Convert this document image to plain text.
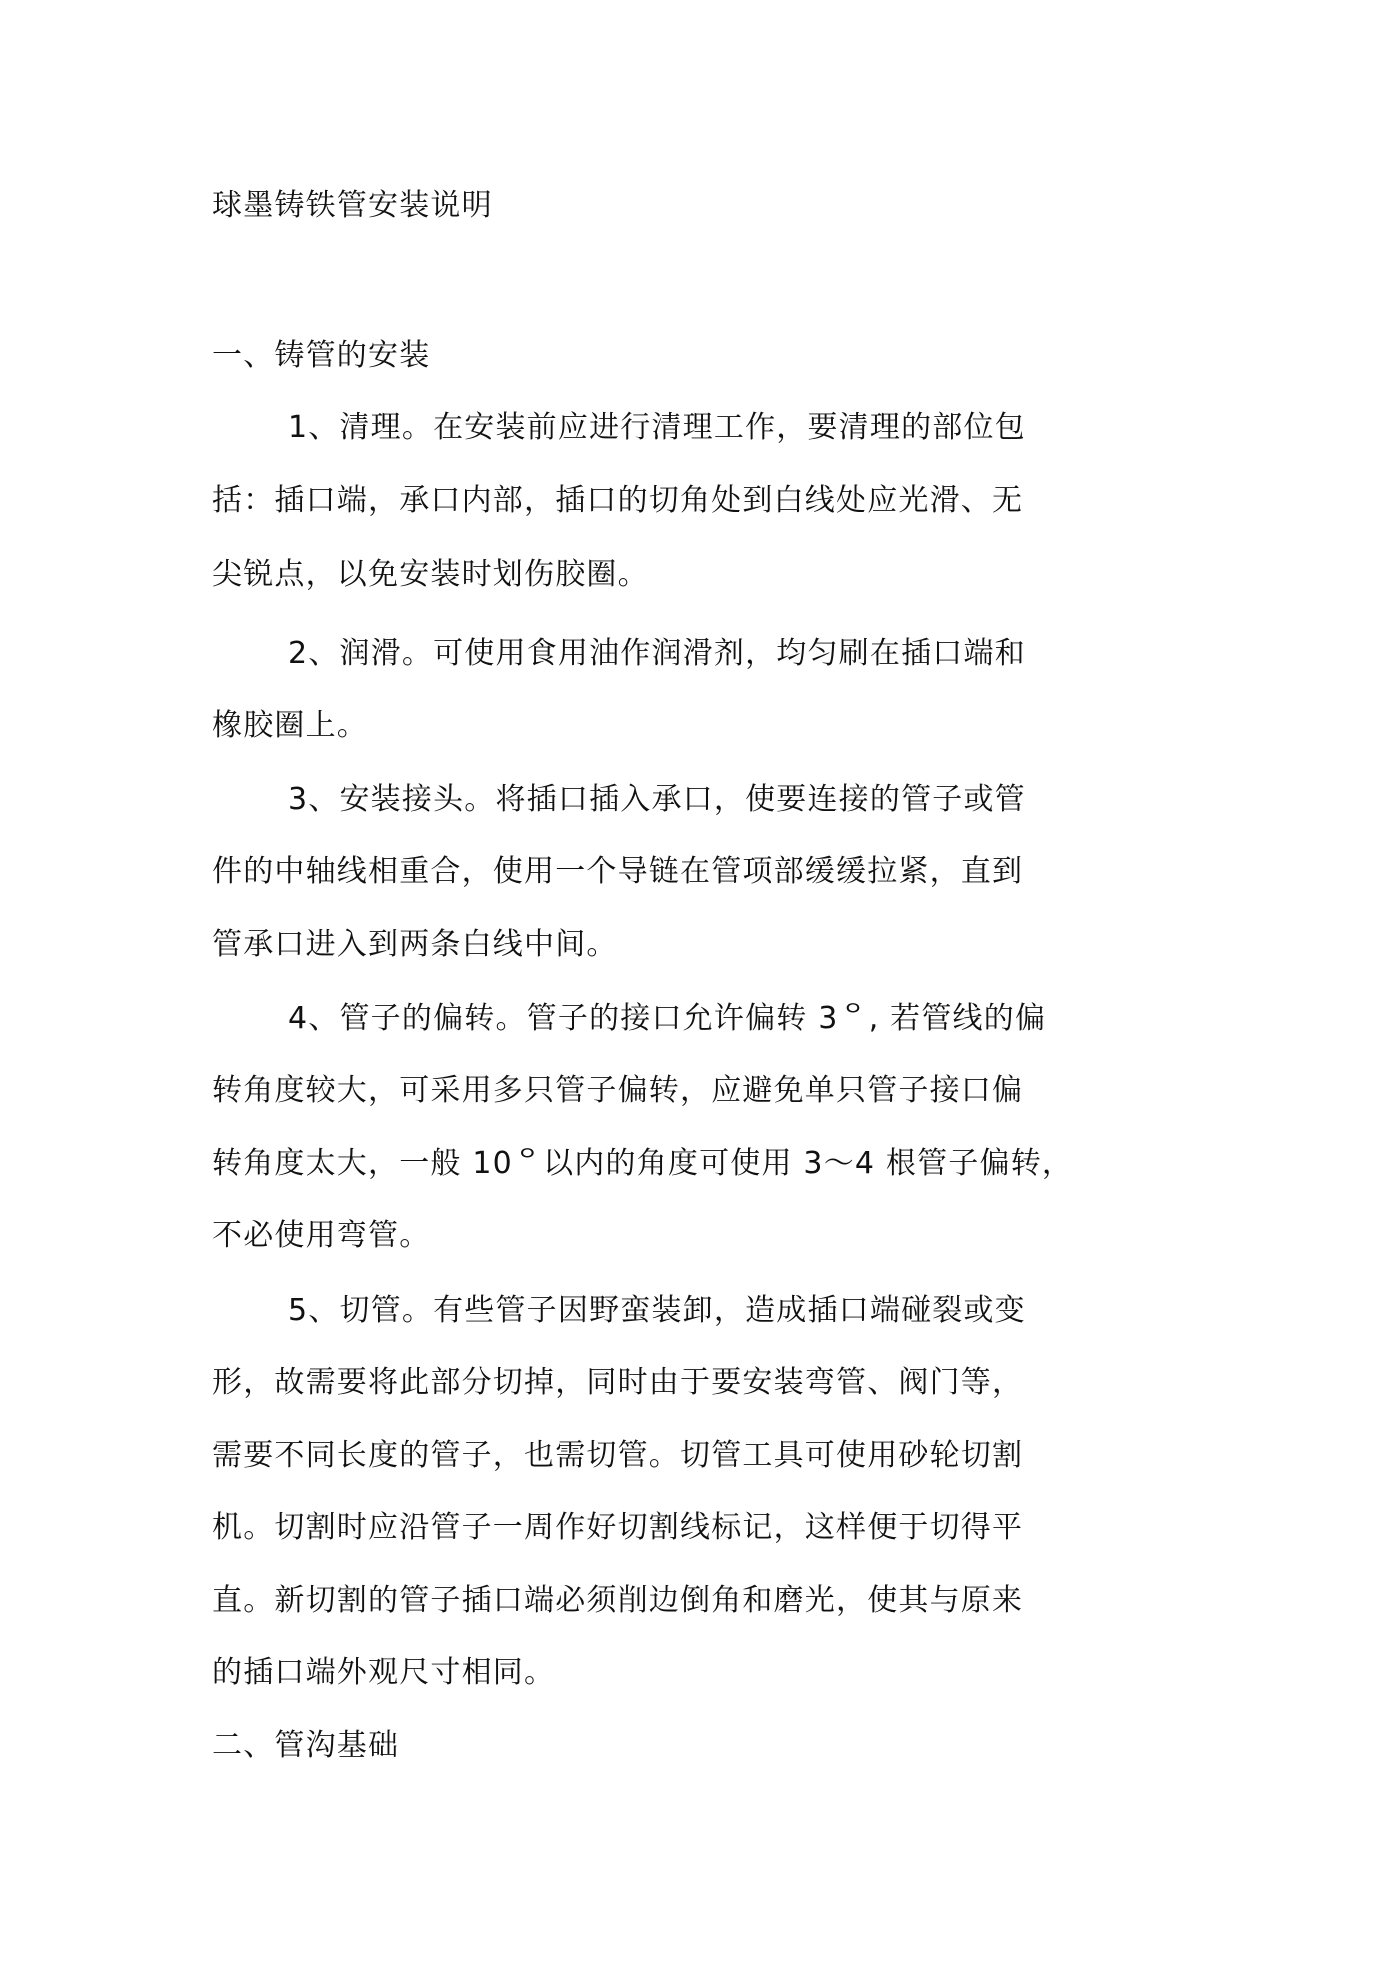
球墨铸铁管安装说明
一、铸管的安装
1、清理。在安装前应进行清理工作，要清理的部位包
括：插口端，承口内部，插口的切角处到白线处应光滑、无
尖锐点，以免安装时划伤胶圈。
2、润滑。可使用食用油作润滑剂，均匀刷在插口端和
橡胶圈上。
3、安装接头。将插口插入承口，使要连接的管子或管
件的中轴线相重合，使用一个导链在管项部缓缓拉紧，直到
管承口进入到两条白线中间。
4、管子的偏转。管子的接口允许偏转 3ᄋ, 若管线的偏
转角度较大，可采用多只管子偏转，应避免单只管子接口偏
转角度太大，一般 10ᄋ以内的角度可使用 3～4 根管子偏转，
不必使用弯管。
5、切管。有些管子因野蛮装卸，造成插口端碰裂或变
形，故需要将此部分切掉，同时由于要安装弯管、阀门等，
需要不同长度的管子，也需切管。切管工具可使用砂轮切割
机。切割时应沿管子一周作好切割线标记，这样便于切得平
直。新切割的管子插口端必须削边倒角和磨光，使其与原来
的插口端外观尺寸相同。
二、管沟基础
